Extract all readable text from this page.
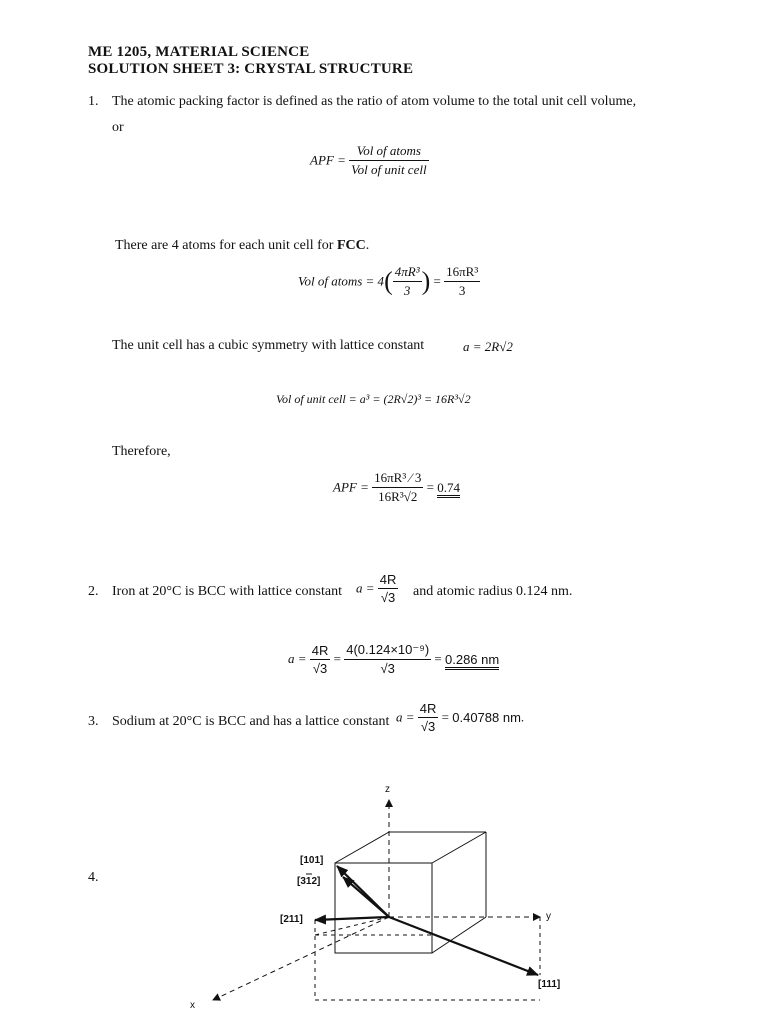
ME 1205, MATERIAL SCIENCE
SOLUTION SHEET 3: CRYSTAL STRUCTURE
1. The atomic packing factor is defined as the ratio of atom volume to the total unit cell volume,
or
APF = $\frac{\text{Vol of atoms}}{\text{Vol of unit cell}}$
There are 4 atoms for each unit cell for FCC.
Vol of atoms = $4( \frac{\text{4πR³}}{3}$ ) = $\frac{\text{16πR³}}{3}$
The unit cell has a cubic symmetry with lattice constant	a = 2R√2
Vol of unit cell = a³ = (2R√2)³ = 16R³√2
Therefore,
APF = $\frac{\text{16πR³ ⁄ 3}}{\text{16R³√2}} = 0.74$
2. Iron at 20°C is BCC with lattice constant $a = \frac{4R}{√3}$ and atomic radius 0.124 nm.
$a = \frac{4R}{√3} = \frac{\text{4(0.124×10⁻⁹)}}{√3} = 0.286$ nm
3. Sodium at 20°C is BCC and has a lattice constant $a = \frac{4R}{√3} = 0.40788$ nm.
4.
z
y
x
[101]
[312]
[211]
[111]
